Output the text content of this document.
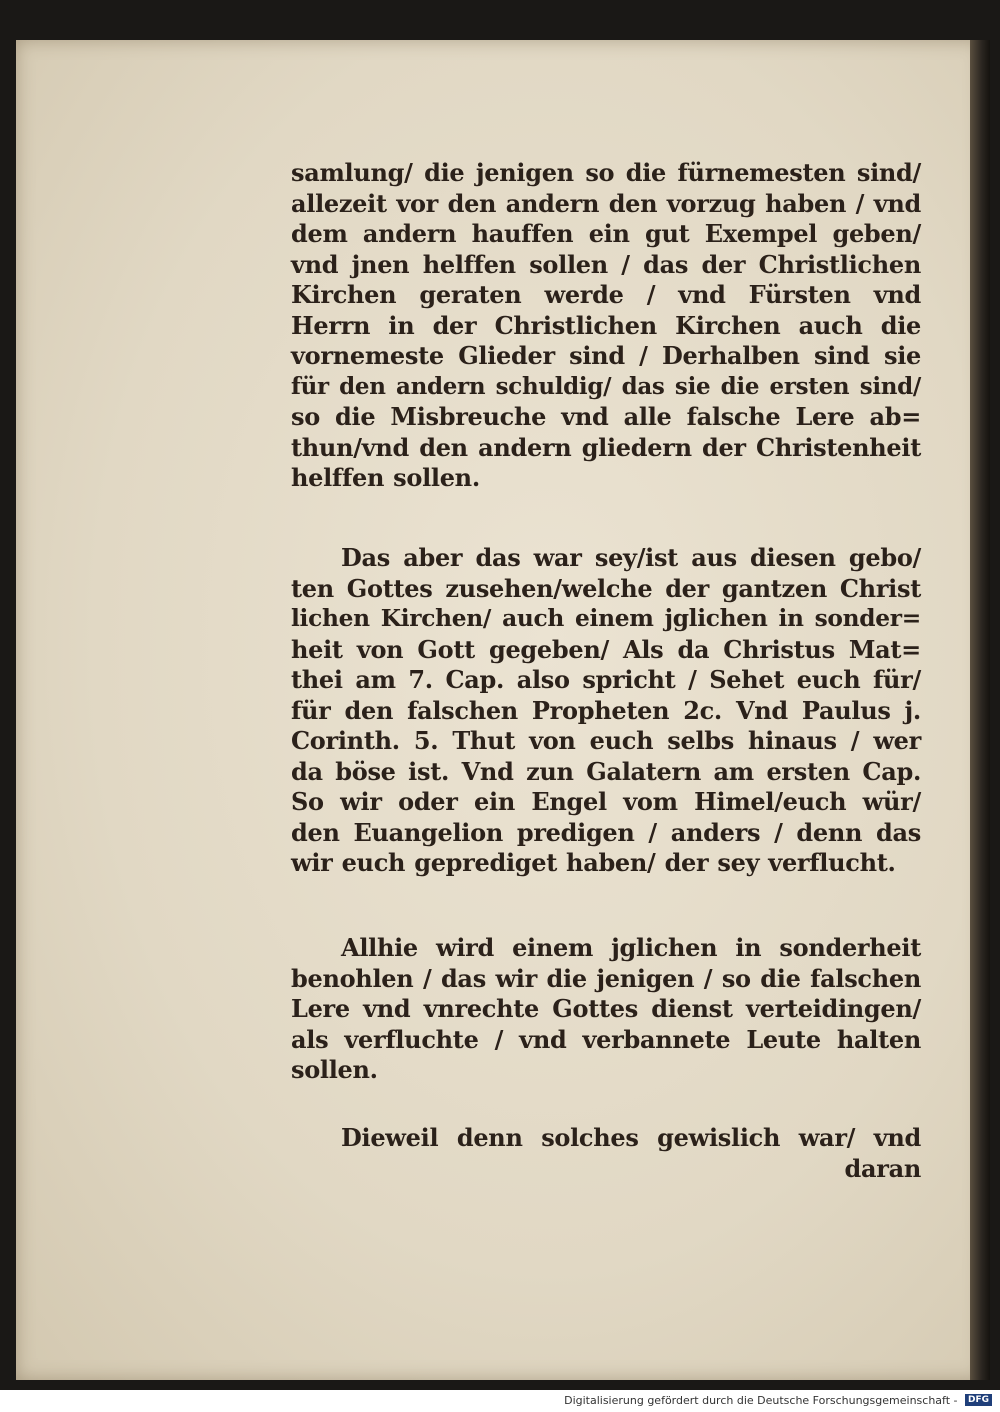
samlung/ die jenigen so die fürnemesten sind/
allezeit vor den andern den vorzug haben / vnd
dem andern hauffen ein gut Exempel geben/
vnd jnen helffen sollen / das der Christlichen
Kirchen geraten werde / vnd Fürsten vnd
Herrn in der Christlichen Kirchen auch die
vornemeste Glieder sind / Derhalben sind sie
für den andern schuldig/ das sie die ersten sind/
so die Misbreuche vnd alle falsche Lere ab=
thun/vnd den andern gliedern der Christenheit
helffen sollen.

Das aber das war sey/ist aus diesen gebo/
ten Gottes zusehen/welche der gantzen Christ
lichen Kirchen/ auch einem jglichen in sonder=
heit von Gott gegeben/ Als da Christus Mat=
thei am 7. Cap. also spricht / Sehet euch für/
für den falschen Propheten 2c. Vnd Paulus j.
Corinth. 5. Thut von euch selbs hinaus / wer
da böse ist. Vnd zun Galatern am ersten Cap.
So wir oder ein Engel vom Himel/euch wür/
den Euangelion predigen / anders / denn das
wir euch geprediget haben/ der sey verflucht.

Allhie wird einem jglichen in sonderheit
benohlen / das wir die jenigen / so die falschen
Lere vnd vnrechte Gottes dienst verteidingen/
als verfluchte / vnd verbannete Leute halten
sollen.

Dieweil denn solches gewislich war/ vnd
daran

Digitalisierung gefördert durch die Deutsche Forschungsgemeinschaft - DFG
